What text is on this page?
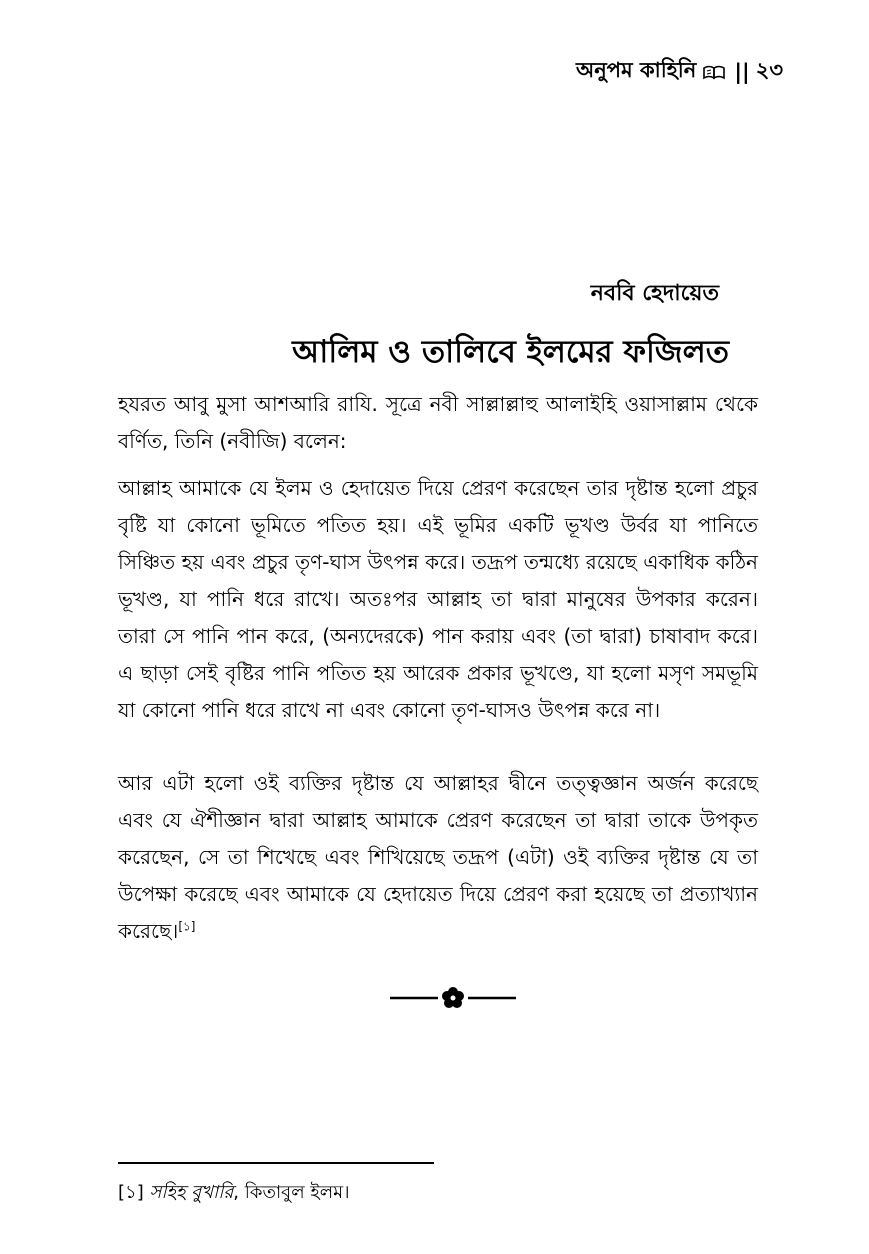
অনুপম কাহিনি || ২৩
নববি হেদায়েত
আলিম ও তালিবে ইলমের ফজিলত

হযরত আবু মুসা আশআরি রাযি. সূত্রে নবী সাল্লাল্লাহু আলাইহি ওয়াসাল্লাম থেকে বর্ণিত, তিনি (নবীজি) বলেন:

আল্লাহ আমাকে যে ইলম ও হেদায়েত দিয়ে প্রেরণ করেছেন তার দৃষ্টান্ত হলো প্রচুর বৃষ্টি যা কোনো ভূমিতে পতিত হয়। এই ভূমির একটি ভূখণ্ড উর্বর যা পানিতে সিঞ্চিত হয় এবং প্রচুর তৃণ-ঘাস উৎপন্ন করে। তদ্রূপ তন্মধ্যে রয়েছে একাধিক কঠিন ভূখণ্ড, যা পানি ধরে রাখে। অতঃপর আল্লাহ তা দ্বারা মানুষের উপকার করেন। তারা সে পানি পান করে, (অন্যদেরকে) পান করায় এবং (তা দ্বারা) চাষাবাদ করে। এ ছাড়া সেই বৃষ্টির পানি পতিত হয় আরেক প্রকার ভূখণ্ডে, যা হলো মসৃণ সমভূমি যা কোনো পানি ধরে রাখে না এবং কোনো তৃণ-ঘাসও উৎপন্ন করে না।

আর এটা হলো ওই ব্যক্তির দৃষ্টান্ত যে আল্লাহর দ্বীনে তত্ত্বজ্ঞান অর্জন করেছে এবং যে ঐশীজ্ঞান দ্বারা আল্লাহ আমাকে প্রেরণ করেছেন তা দ্বারা তাকে উপকৃত করেছেন, সে তা শিখেছে এবং শিখিয়েছে তদ্রূপ (এটা) ওই ব্যক্তির দৃষ্টান্ত যে তা উপেক্ষা করেছে এবং আমাকে যে হেদায়েত দিয়ে প্রেরণ করা হয়েছে তা প্রত্যাখ্যান করেছে।[১]

[১] সহিহ বুখারি, কিতাবুল ইলম।
